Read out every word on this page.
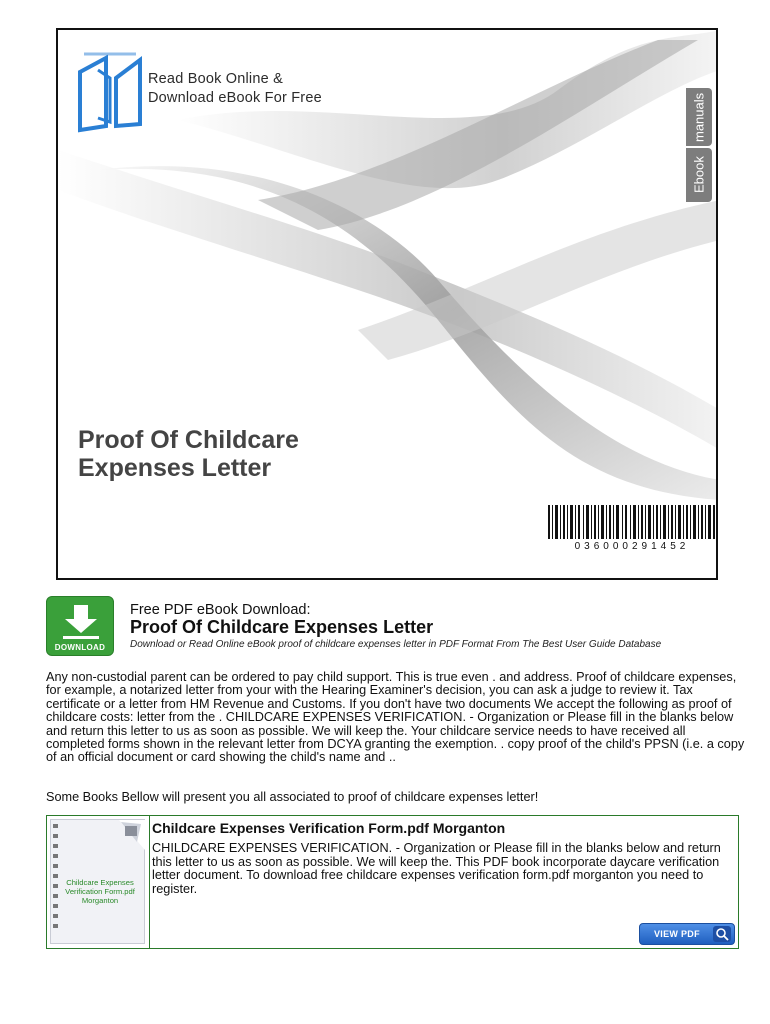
Read Book Online &
Download eBook For Free	manuals
Ebook
Proof Of Childcare
Expenses Letter
036000291452
DOWNLOAD
Free PDF eBook Download:
Proof Of Childcare Expenses Letter
Download or Read Online eBook proof of childcare expenses letter in PDF Format From The Best User Guide Database
Any non-custodial parent can be ordered to pay child support. This is true even . and address. Proof of childcare expenses, for example, a notarized letter from your with the Hearing Examiner's decision, you can ask a judge to review it. Tax certificate or a letter from HM Revenue and Customs. If you don't have two documents We accept the following as proof of childcare costs: letter from the . CHILDCARE EXPENSES VERIFICATION. - Organization or Please fill in the blanks below and return this letter to us as soon as possible. We will keep the. Your childcare service needs to have received all completed forms shown in the relevant letter from DCYA granting the exemption. . copy proof of the child's PPSN (i.e. a copy of an official document or card showing the child's name and ..
Some Books Bellow will present you all associated to proof of childcare expenses letter!
Childcare Expenses Verification Form.pdf Morganton
Childcare Expenses Verification Form.pdf Morganton
CHILDCARE EXPENSES VERIFICATION. - Organization or Please fill in the blanks below and return this letter to us as soon as possible. We will keep the. This PDF book incorporate daycare verification letter document. To download free childcare expenses verification form.pdf morganton you need to register.
VIEW PDF
